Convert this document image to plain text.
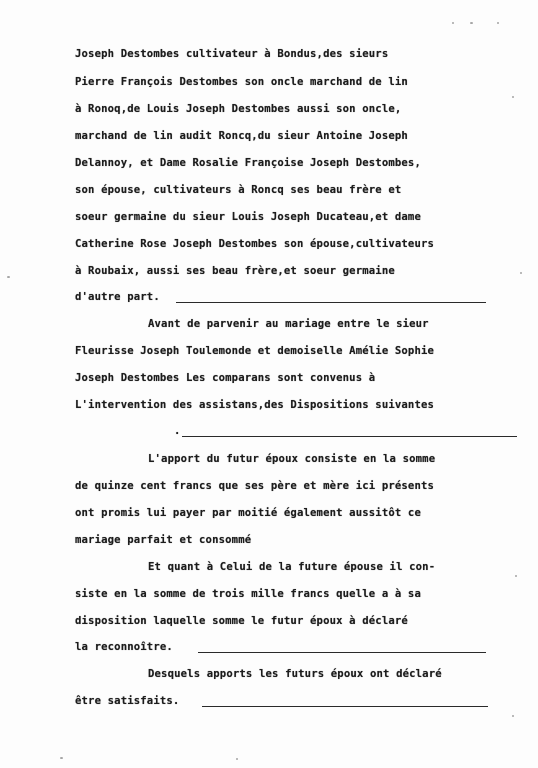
Joseph Destombes cultivateur à Bondus,des sieurs
Pierre François Destombes son oncle marchand de lin
à Ronoq,de Louis Joseph Destombes aussi son oncle,
marchand de lin audit Roncq,du sieur Antoine Joseph
Delannoy, et Dame Rosalie Françoise Joseph Destombes,
son épouse, cultivateurs à Roncq ses beau frère et
soeur germaine du sieur Louis Joseph Ducateau,et dame
Catherine Rose Joseph Destombes son épouse,cultivateurs
à Roubaix, aussi ses beau frère,et soeur germaine
d'autre part.
Avant de parvenir au mariage entre le sieur
Fleurisse Joseph Toulemonde et demoiselle Amélie Sophie
Joseph Destombes Les comparans sont convenus à
L'intervention des assistans,des Dispositions suivantes
.
L'apport du futur époux consiste en la somme
de quinze cent francs que ses père et mère ici présents
ont promis lui payer par moitié également aussitôt ce
mariage parfait et consommé
Et quant à Celui de la future épouse il con-
siste en la somme de trois mille francs quelle a à sa
disposition laquelle somme le futur époux à déclaré
la reconnoître.
Desquels apports les futurs époux ont déclaré
être satisfaits.
